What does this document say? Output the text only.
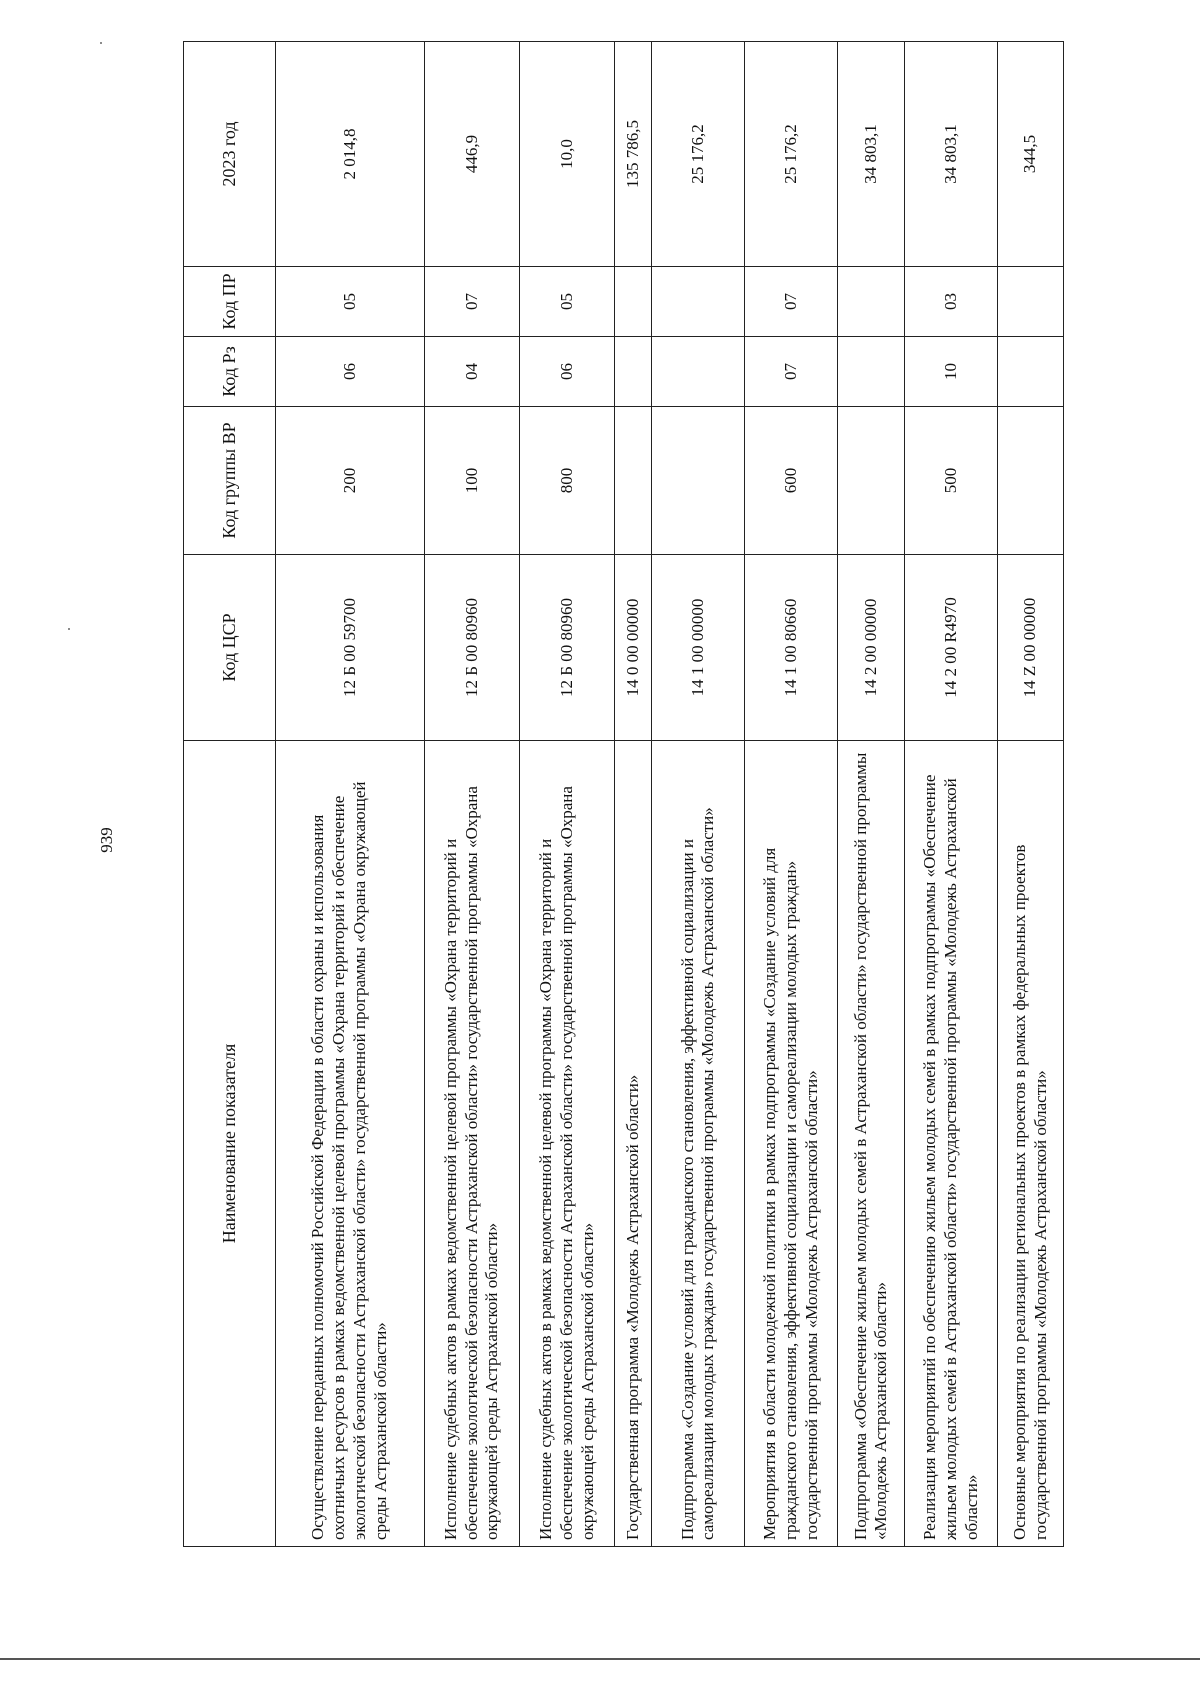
939
Наименование показателя	Код ЦСР	Код группы ВР	Код Рз	Код ПР	2023 год
Осуществление переданных полномочий Российской Федерации в области охраны и использования охотничьих ресурсов в рамках ведомственной целевой программы «Охрана территорий и обеспечение экологической безопасности Астраханской области» государственной программы «Охрана окружающей среды Астраханской области»	12 Б 00 59700	200	06	05	2 014,8
Исполнение судебных актов в рамках ведомственной целевой программы «Охрана территорий и обеспечение экологической безопасности Астраханской области» государственной программы «Охрана окружающей среды Астраханской области»	12 Б 00 80960	100	04	07	446,9
Исполнение судебных актов в рамках ведомственной целевой программы «Охрана территорий и обеспечение экологической безопасности Астраханской области» государственной программы «Охрана окружающей среды Астраханской области»	12 Б 00 80960	800	06	05	10,0
Государственная программа «Молодежь Астраханской области»	14 0 00 00000				135 786,5
Подпрограмма «Создание условий для гражданского становления, эффективной социализации и самореализации молодых граждан» государственной программы «Молодежь Астраханской области»	14 1 00 00000				25 176,2
Мероприятия в области молодежной политики в рамках подпрограммы «Создание условий для гражданского становления, эффективной социализации и самореализации молодых граждан» государственной программы «Молодежь Астраханской области»	14 1 00 80660	600	07	07	25 176,2
Подпрограмма «Обеспечение жильем молодых семей в Астраханской области» государственной программы «Молодежь Астраханской области»	14 2 00 00000				34 803,1
Реализация мероприятий по обеспечению жильем молодых семей в рамках подпрограммы «Обеспечение жильем молодых семей в Астраханской области» государственной программы «Молодежь Астраханской области»	14 2 00 R4970	500	10	03	34 803,1
Основные мероприятия по реализации региональных проектов в рамках федеральных проектов государственной программы «Молодежь Астраханской области»	14 Z 00 00000				344,5
